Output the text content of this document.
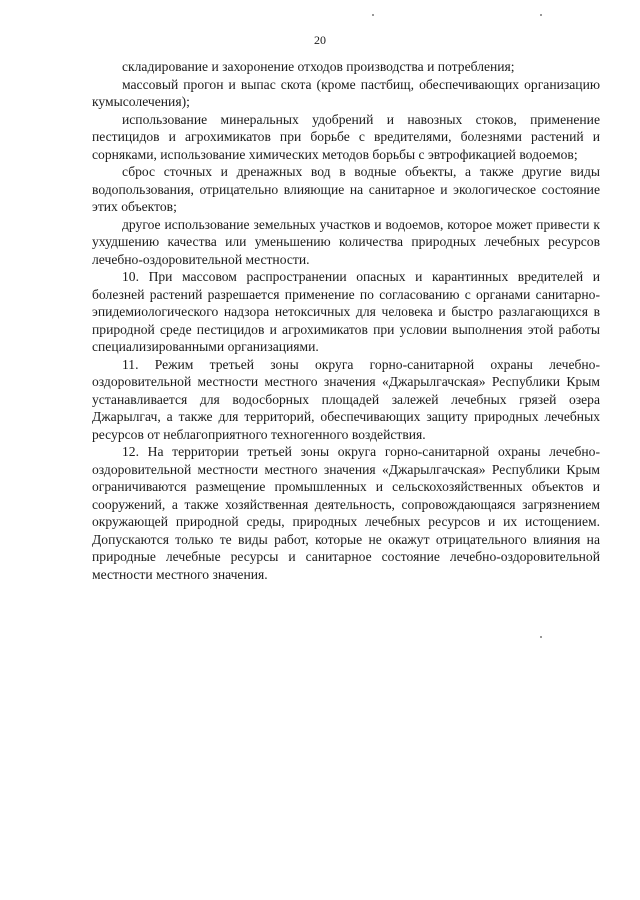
20

складирование и захоронение отходов производства и потребления;

массовый прогон и выпас скота (кроме пастбищ, обеспечивающих организацию кумысолечения);

использование минеральных удобрений и навозных стоков, применение пестицидов и агрохимикатов при борьбе с вредителями, болезнями растений и сорняками, использование химических методов борьбы с эвтрофикацией водоемов;

сброс сточных и дренажных вод в водные объекты, а также другие виды водопользования, отрицательно влияющие на санитарное и экологическое состояние этих объектов;

другое использование земельных участков и водоемов, которое может привести к ухудшению качества или уменьшению количества природных лечебных ресурсов лечебно-оздоровительной местности.

10. При массовом распространении опасных и карантинных вредителей и болезней растений разрешается применение по согласованию с органами санитарно-эпидемиологического надзора нетоксичных для человека и быстро разлагающихся в природной среде пестицидов и агрохимикатов при условии выполнения этой работы специализированными организациями.

11. Режим третьей зоны округа горно-санитарной охраны лечебно-оздоровительной местности местного значения «Джарылгачская» Республики Крым устанавливается для водосборных площадей залежей лечебных грязей озера Джарылгач, а также для территорий, обеспечивающих защиту природных лечебных ресурсов от неблагоприятного техногенного воздействия.

12. На территории третьей зоны округа горно-санитарной охраны лечебно-оздоровительной местности местного значения «Джарылгачская» Республики Крым ограничиваются размещение промышленных и сельскохозяйственных объектов и сооружений, а также хозяйственная деятельность, сопровождающаяся загрязнением окружающей природной среды, природных лечебных ресурсов и их истощением. Допускаются только те виды работ, которые не окажут отрицательного влияния на природные лечебные ресурсы и санитарное состояние лечебно-оздоровительной местности местного значения.
